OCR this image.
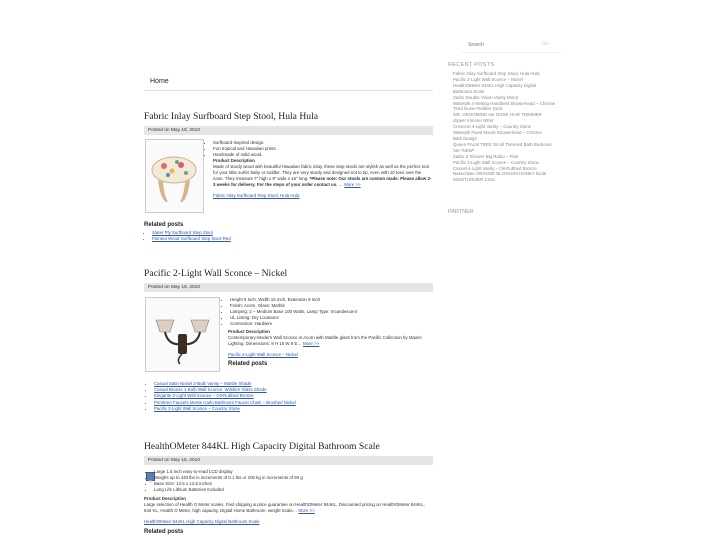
Search
Go
Home
RECENT POSTS
Fabric Inlay Surfboard Step Stool, Hula Hula
Pacific 2-Light Wall Sconce – Nickel
HealthOMeter 844KL High Capacity Digital
Bathroom Scale
Zadro Double Vision Vanity Mirror
Waterpik 4-Setting Handheld Showerhead – Chrome
Tired Nurse Rubber Duck
MR. GROOMING ear NOSE HAIR TRIMMER
clipper trimmer NEW
Crescent 4-Light Vanity – Country Stone
Waterpik Fixed Mount Showerhead – Chrome
Bath Design
Queen PALM TREE Scroll Trimmed Bath Bedroom
Set *NEW*
Zadro Z Shower Big Radio – Pink
Pacific 3-Light Wall Sconce – Country Stone
Casual 4-Light Vanity – Oil-Rubbed Bronze
Naked Bee ORANGE BLOSSOM HONEY facial
MOISTURIZER 2.5oz
PARTNER
Fabric Inlay Surfboard Step Stool, Hula Hula
Posted on May 18, 2010
• Surfboard-inspired design.
• Fun tropical and Hawaiian prints.
• Handmade of solid wood.
Product Description
Made of sturdy wood with beautiful Hawaiian fabric inlay, these step stools are stylish as well as the perfect tool for your little surfer baby or toddler. They are very sturdy and designed not to tip, even with 10 toes over the nose. They measure 7" high x 9" wide x 16" long. *Please note: Our stools are custom made. Please allow 2-3 weeks for delivery. For the steps of your order contact us. … More >>
Fabric Inlay Surfboard Step Stool, Hula Hula
Related posts
• Slater Ply Surfboard Step Stool
• Painted Wood Surfboard Step Stool Red
Pacific 2-Light Wall Sconce – Nickel
Posted on May 19, 2010
• Height 9 Inch, Width 16 Inch, Extension 9 Inch
• Finish: Acorn, Glass: Marble
• Lamping: 2 – Medium Base 100 Watts, Lamp Type: Incandescent
• UL Listing: Dry Locations
• Connection: Hardwire
Product Description
Contemporary-Modern Wall Sconce in Acorn with Marble glass from the Pacific Collection by Maxim Lighting. Dimensions: 9 H 16 W 9 E… More >>
Pacific 2-Light Wall Sconce – Nickel
Related posts
• Casual Satin Nickel 2-Bulb Vanity – Marble Shade
• Casual Bronze 1-Bulb Wall Sconce: Wilshire Glass Shade
• Elegante 2-Light Wall Sconce – Oil-Rubbed Bronze
• Pembree Faucets Monte Carlo Bathroom Faucet Chain – Brushed Nickel
• Pacific 2-Light Wall Sconce – Country Stone
HealthOMeter 844KL High Capacity Digital Bathroom Scale
Posted on May 15, 2010
• Large 1.5 inch easy-to-read LCD display
• Weighs up to 440 lbs in increments of 0.1 lbs or 200 kg in increments of 50 g
• Base Size: 12.5 x 12.5 inches
• Long Life Lithium Batteries Included
Product Description
Large selection of Health O Meter scales. Fast shipping & price guarantee on HealthOMeter 844KL. Discounted pricing on HealthOMeter 844KL, 844 KL, Health O Meter, high capacity, Digital Home Bathroom, weight Scale… More >>
HealthOMeter 844KL High Capacity Digital Bathroom Scale
Related posts
